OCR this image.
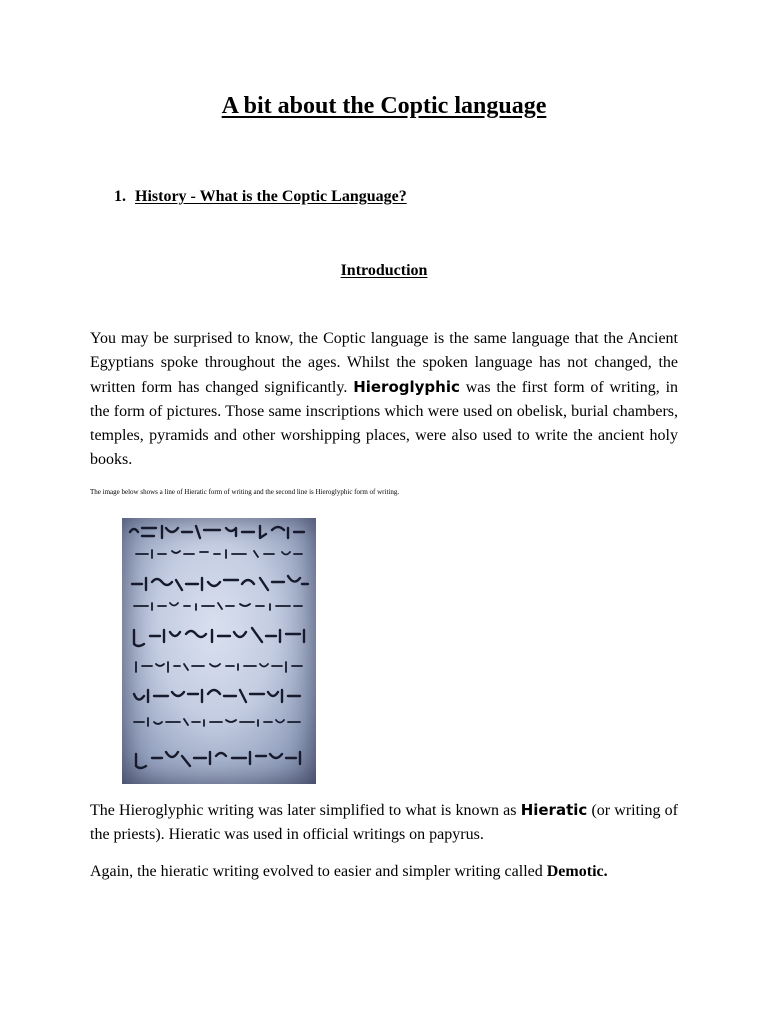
A bit about the Coptic language
1. History - What is the Coptic Language?
Introduction

You may be surprised to know, the Coptic language is the same language that the Ancient Egyptians spoke throughout the ages. Whilst the spoken language has not changed, the written form has changed significantly. Hieroglyphic was the first form of writing, in the form of pictures. Those same inscriptions which were used on obelisk, burial chambers, temples, pyramids and other worshipping places, were also used to write the ancient holy books.

The image below shows a line of Hieratic form of writing and the second line is Hieroglyphic form of writing.

The Hieroglyphic writing was later simplified to what is known as Hieratic (or writing of the priests). Hieratic was used in official writings on papyrus.

Again, the hieratic writing evolved to easier and simpler writing called Demotic.
